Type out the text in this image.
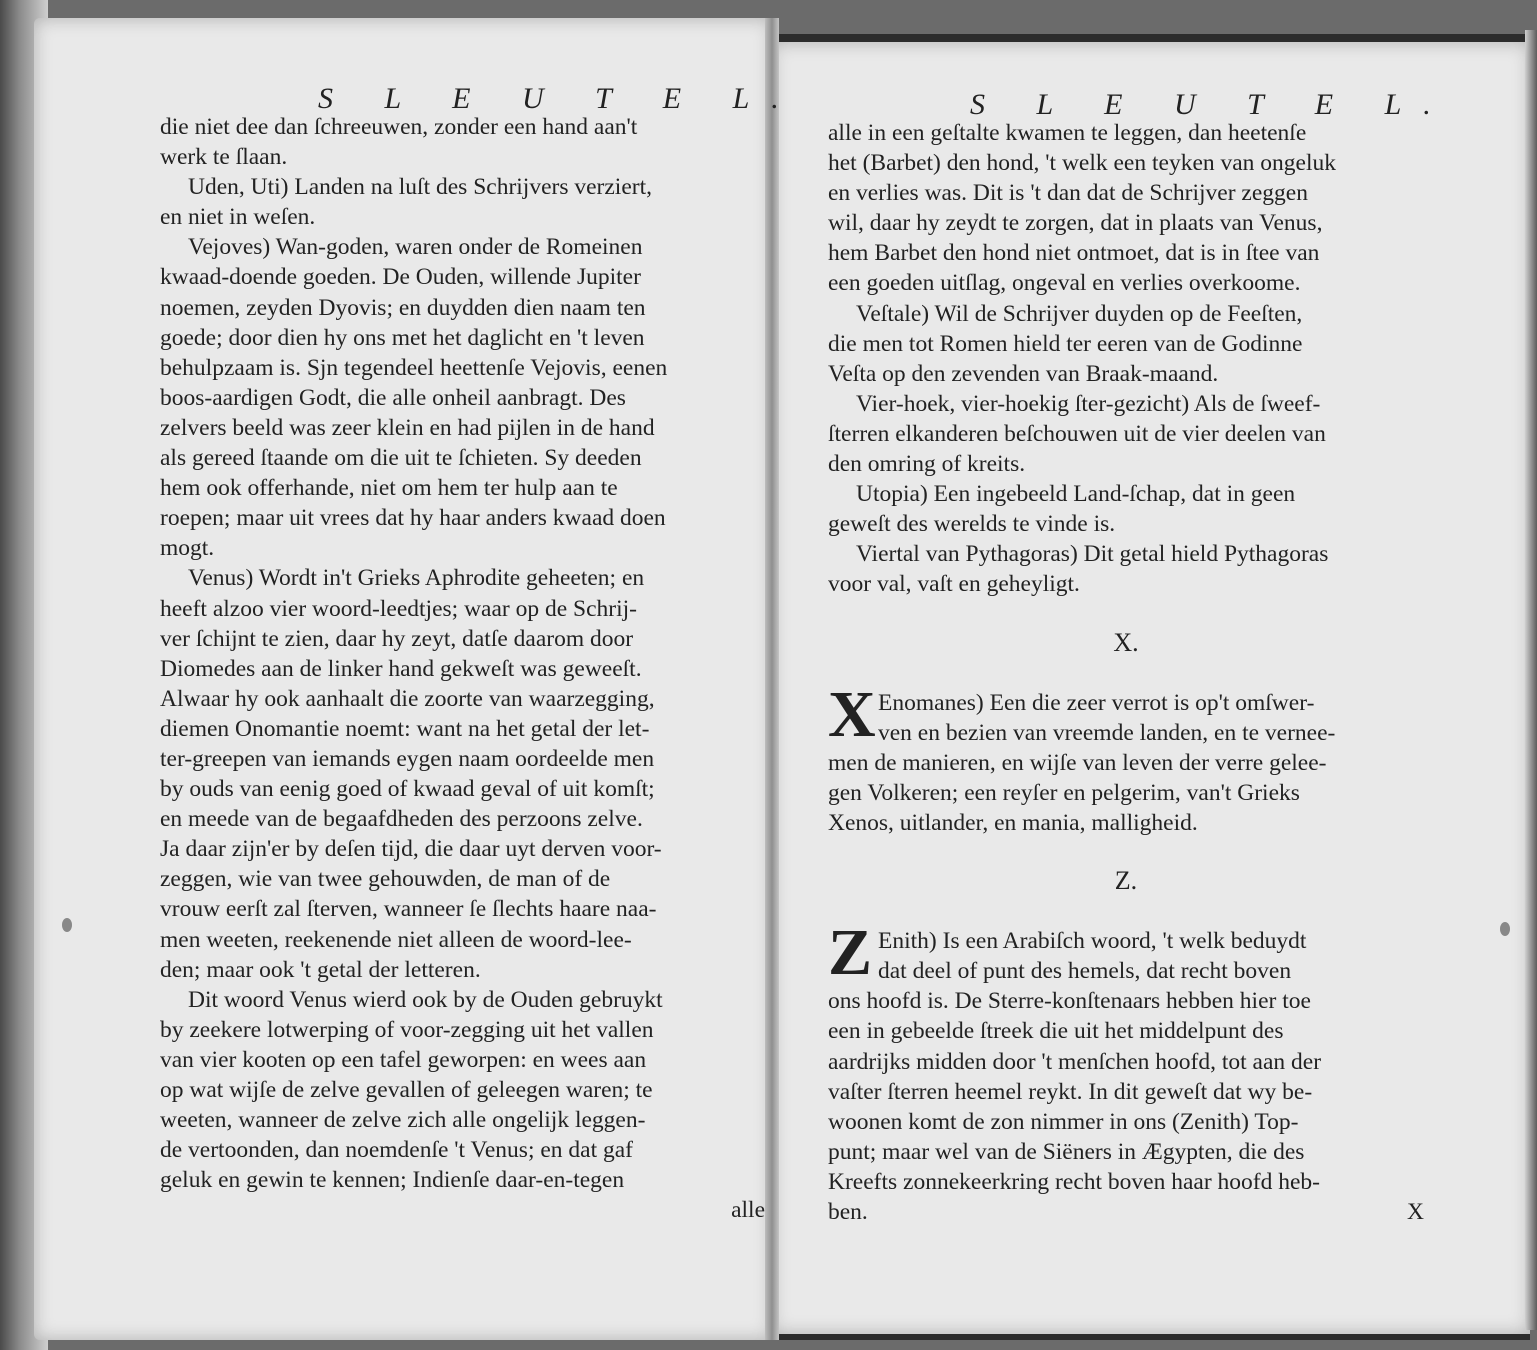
S L E U T E L.

die niet dee dan ſchreeuwen, zonder een hand aan't
werk te ſlaan.

Uden, Uti) Landen na luſt des Schrijvers verziert,
en niet in weſen.

Vejoves) Wan-goden, waren onder de Romeinen
kwaad-doende goeden. De Ouden, willende Jupiter
noemen, zeyden Dyovis; en duydden dien naam ten
goede; door dien hy ons met het daglicht en 't leven
behulpzaam is. Sjn tegendeel heettenſe Vejovis, eenen
boos-aardigen Godt, die alle onheil aanbragt. Des
zelvers beeld was zeer klein en had pijlen in de hand
als gereed ſtaande om die uit te ſchieten. Sy deeden
hem ook offerhande, niet om hem ter hulp aan te
roepen; maar uit vrees dat hy haar anders kwaad doen
mogt.

Venus) Wordt in't Grieks Aphrodite geheeten; en
heeft alzoo vier woord-leedtjes; waar op de Schrij-
ver ſchijnt te zien, daar hy zeyt, datſe daarom door
Diomedes aan de linker hand gekweſt was geweeſt.
Alwaar hy ook aanhaalt die zoorte van waarzegging,
diemen Onomantie noemt: want na het getal der let-
ter-greepen van iemands eygen naam oordeelde men
by ouds van eenig goed of kwaad geval of uit komſt;
en meede van de begaafdheden des perzoons zelve.
Ja daar zijn'er by deſen tijd, die daar uyt derven voor-
zeggen, wie van twee gehouwden, de man of de
vrouw eerſt zal ſterven, wanneer ſe ſlechts haare naa-
men weeten, reekenende niet alleen de woord-lee-
den; maar ook 't getal der letteren.

Dit woord Venus wierd ook by de Ouden gebruykt
by zeekere lotwerping of voor-zegging uit het vallen
van vier kooten op een tafel geworpen: en wees aan
op wat wijſe de zelve gevallen of geleegen waren; te
weeten, wanneer de zelve zich alle ongelijk leggen-
de vertoonden, dan noemdenſe 't Venus; en dat gaf
geluk en gewin te kennen; Indienſe daar-en-tegen

alle

S L E U T E L.

alle in een geſtalte kwamen te leggen, dan heetenſe
het (Barbet) den hond, 't welk een teyken van ongeluk
en verlies was. Dit is 't dan dat de Schrijver zeggen
wil, daar hy zeydt te zorgen, dat in plaats van Venus,
hem Barbet den hond niet ontmoet, dat is in ſtee van
een goeden uitſlag, ongeval en verlies overkoome.

Veſtale) Wil de Schrijver duyden op de Feeſten,
die men tot Romen hield ter eeren van de Godinne
Veſta op den zevenden van Braak-maand.

Vier-hoek, vier-hoekig ſter-gezicht) Als de ſweef-
ſterren elkanderen beſchouwen uit de vier deelen van
den omring of kreits.

Utopia) Een ingebeeld Land-ſchap, dat in geen
geweſt des werelds te vinde is.

Viertal van Pythagoras) Dit getal hield Pythagoras
voor val, vaſt en geheyligt.

X.
X Enomanes) Een die zeer verrot is op't omſwer-
ven en bezien van vreemde landen, en te vernee-
men de manieren, en wijſe van leven der verre gelee-
gen Volkeren; een reyſer en pelgerim, van't Grieks
Xenos, uitlander, en mania, malligheid.
Z.
Z Enith) Is een Arabiſch woord, 't welk beduydt
dat deel of punt des hemels, dat recht boven
ons hoofd is. De Sterre-konſtenaars hebben hier toe
een in gebeelde ſtreek die uit het middelpunt des
aardrijks midden door 't menſchen hoofd, tot aan der
vaſter ſterren heemel reykt. In dit geweſt dat wy be-
woonen komt de zon nimmer in ons (Zenith) Top-
punt; maar wel van de Siëners in Ægypten, die des
Kreefts zonnekeerkring recht boven haar hoofd heb-
ben.	X
